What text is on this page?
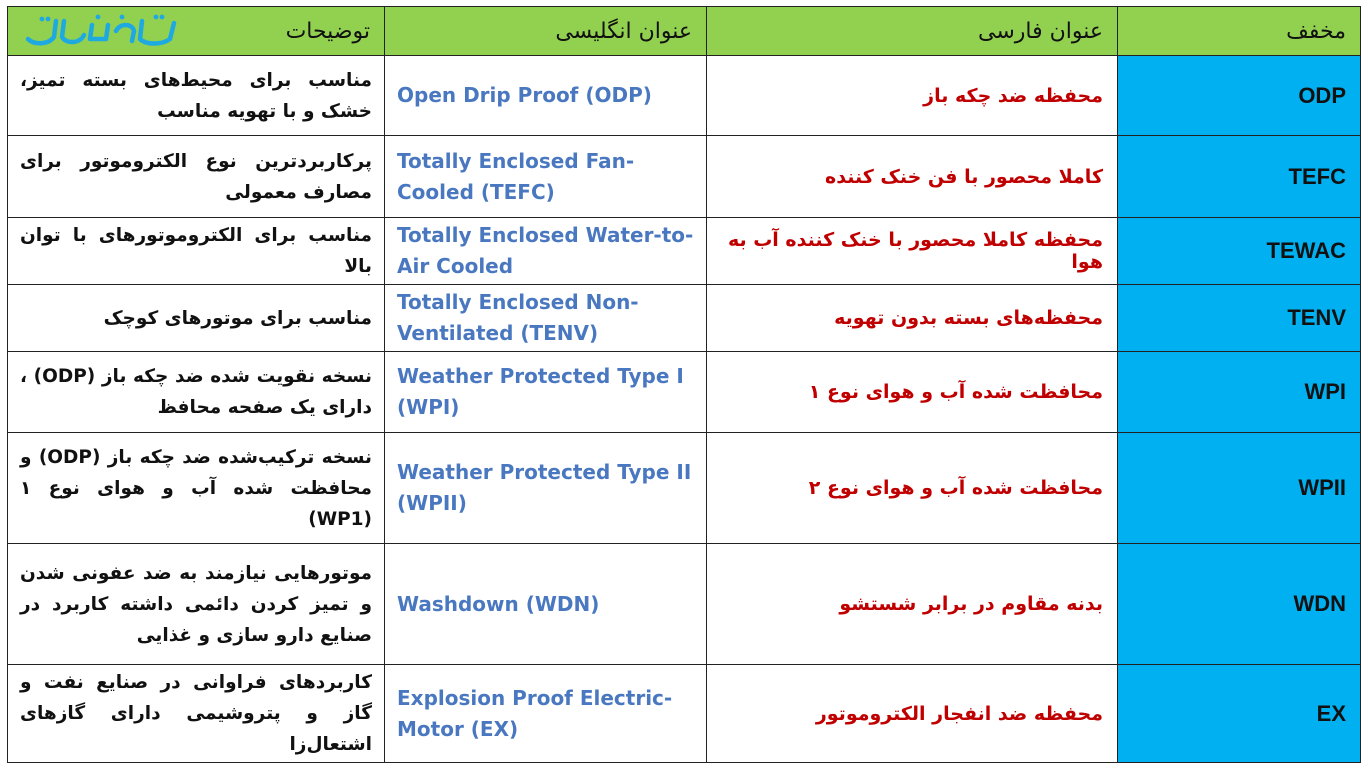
توضیحات	عنوان انگلیسی	عنوان فارسی	مخفف
مناسب برای محیط‌های بسته تمیز، خشک و با تهویه مناسب	Open Drip Proof (ODP)	محفظه ضد چکه باز	ODP
پرکاربردترین نوع الکتروموتور برای مصارف معمولی	Totally Enclosed Fan-Cooled (TEFC)	کاملا محصور با فن خنک کننده	TEFC
مناسب برای الکتروموتورهای با توان بالا	Totally Enclosed Water-to-Air Cooled	محفظه کاملا محصور با خنک کننده آب به هوا	TEWAC
مناسب برای موتورهای کوچک	Totally Enclosed Non-Ventilated (TENV)	محفظه‌های بسته بدون تهویه	TENV
نسخه نقویت شده ضد چکه باز (ODP) ، دارای یک صفحه محافظ	Weather Protected Type I (WPI)	محافظت شده آب و هوای نوع ۱	WPI
نسخه ترکیب‌شده ضد چکه باز (ODP) و محافظت شده آب و هوای نوع ۱ (WP1)	Weather Protected Type II (WPII)	محافظت شده آب و هوای نوع ۲	WPII
موتورهایی نیازمند به ضد عفونی شدن و تمیز کردن دائمی داشته کاربرد در صنایع دارو سازی و غذایی	Washdown (WDN)	بدنه مقاوم در برابر شستشو	WDN
کاربردهای فراوانی در صنایع نفت و گاز و پتروشیمی دارای گازهای اشتعال‌زا	Explosion Proof Electric-Motor (EX)	محفظه ضد انفجار الکتروموتور	EX
